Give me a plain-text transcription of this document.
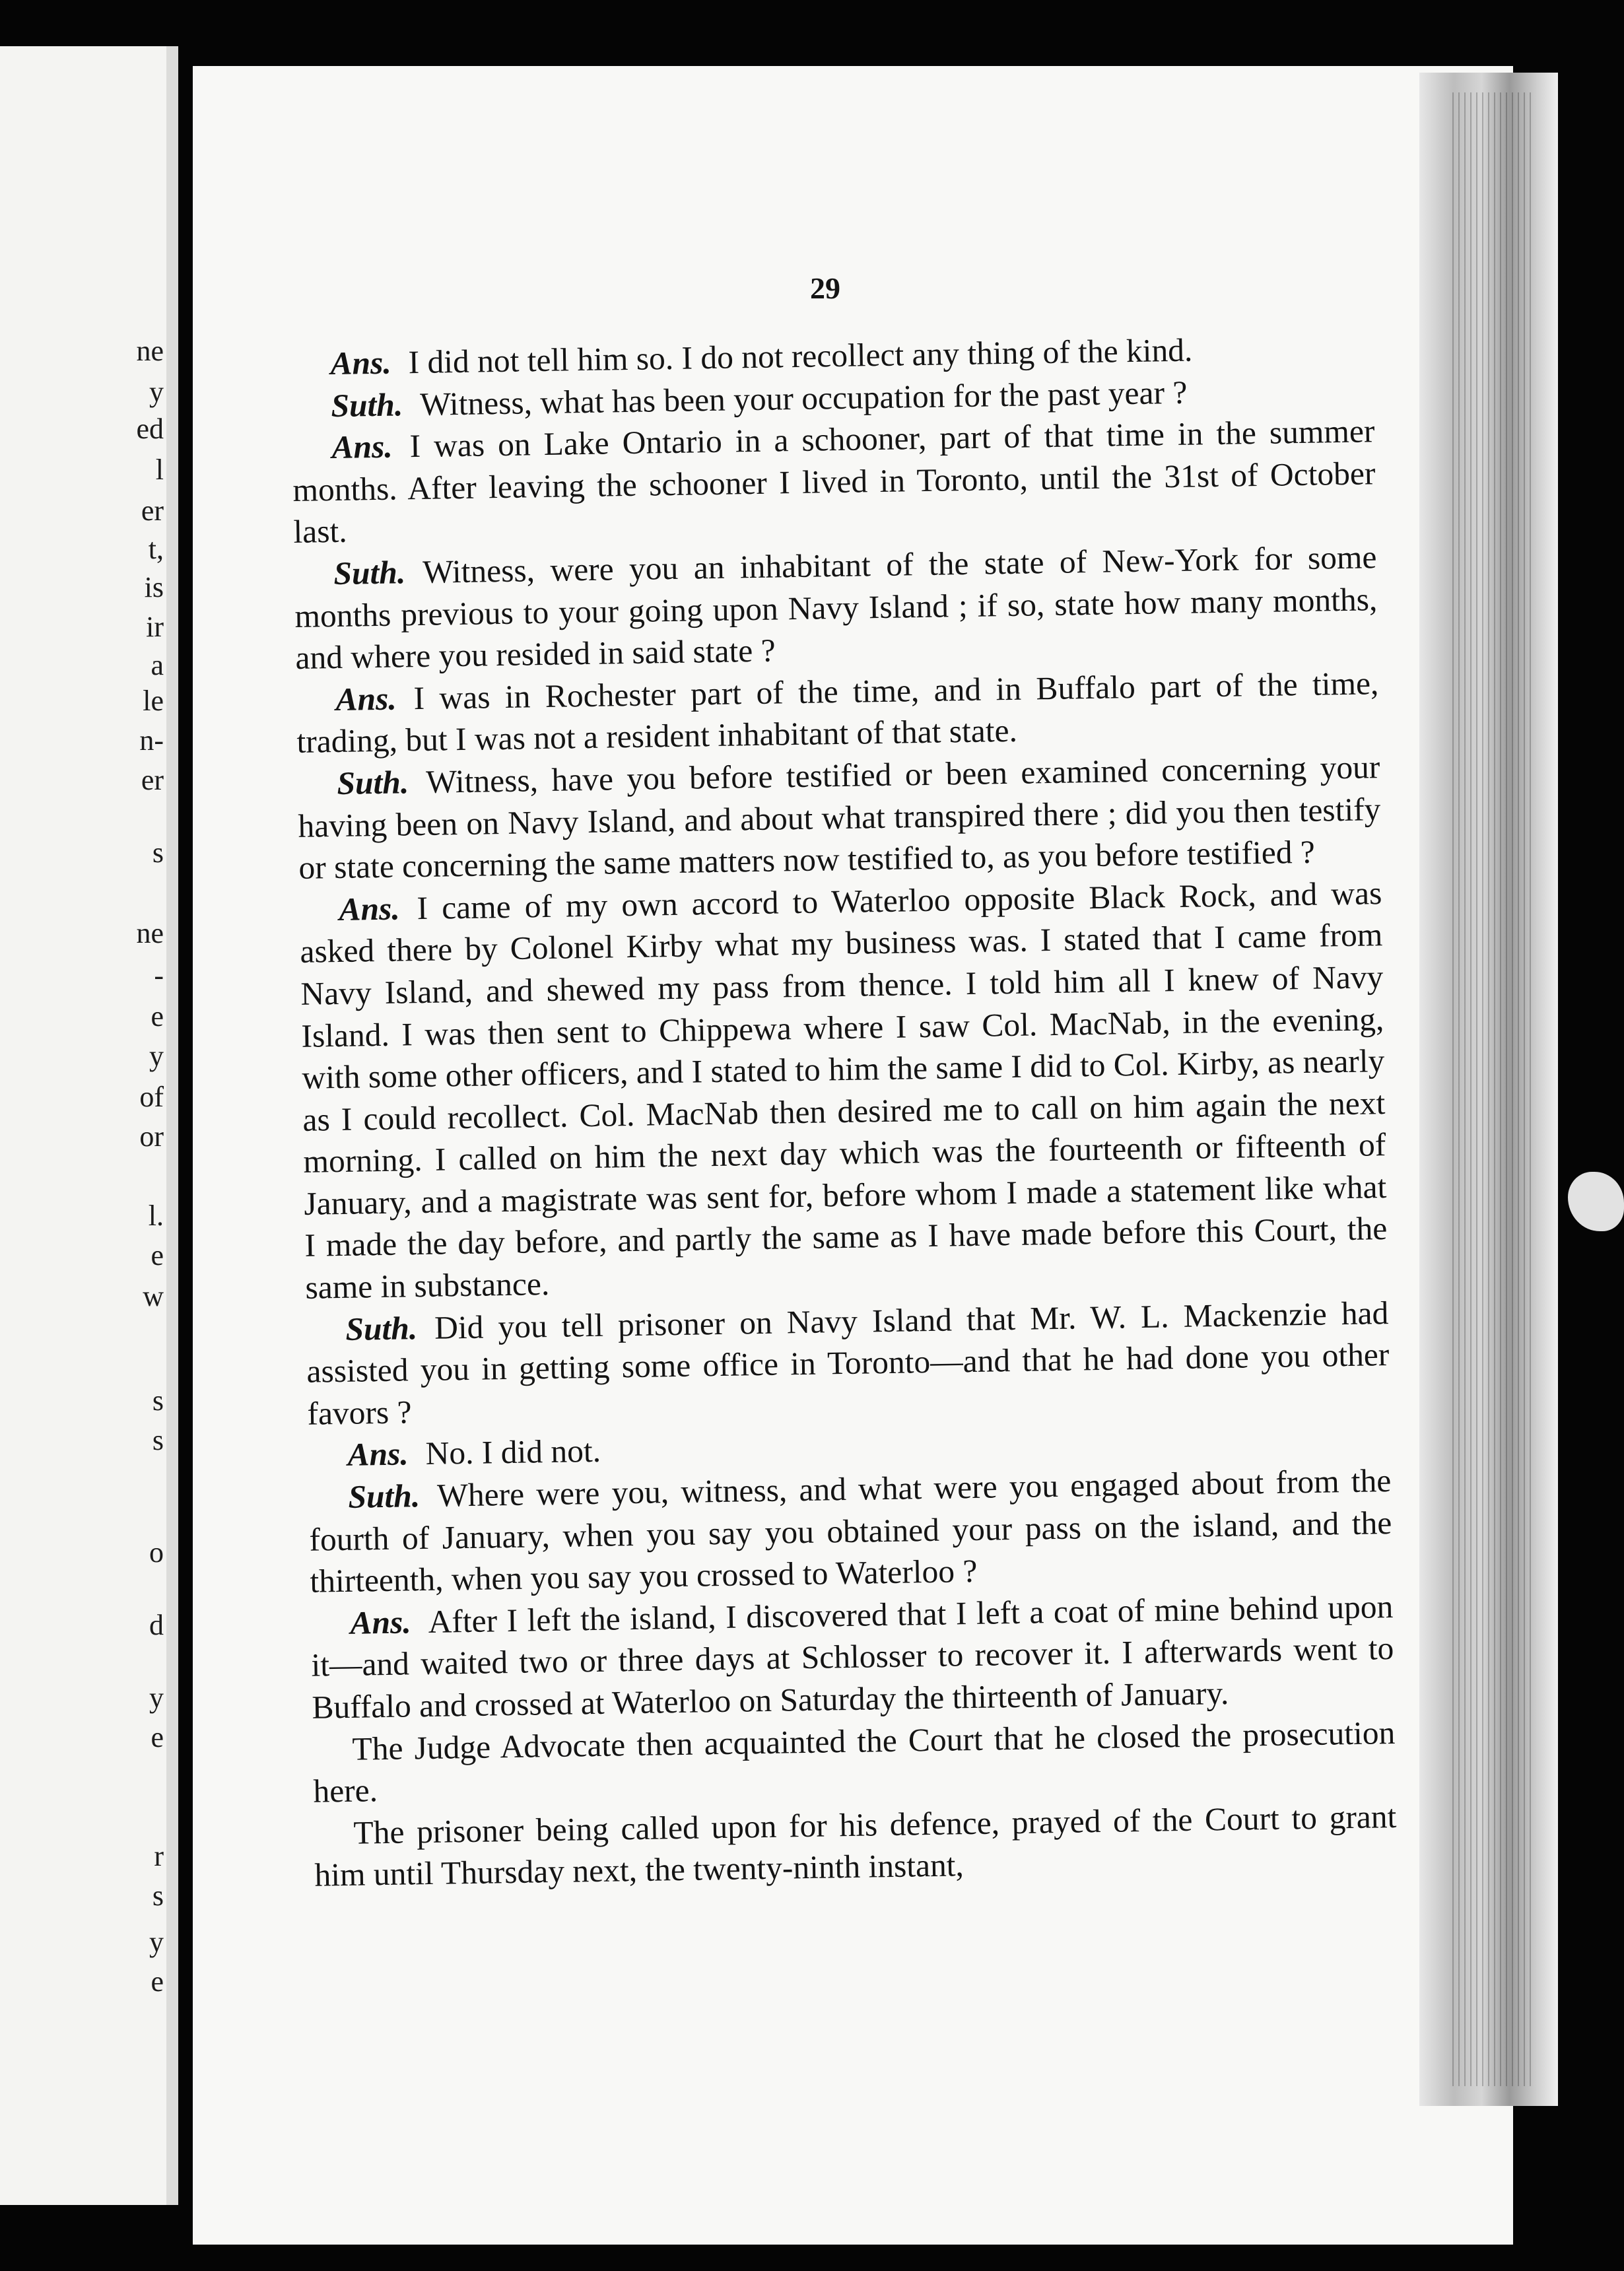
ne
y
ed
l
er
t,
is
ir
a
le
n-
er
s
ne
-
e
y
of
or
l.
e
w
s
s
o
d
y
e
r
s
y
e
29

Ans. I did not tell him so. I do not recollect any thing of the kind.

Suth. Witness, what has been your occupation for the past year ?

Ans. I was on Lake Ontario in a schooner, part of that time in the summer months. After leaving the schooner I lived in Toronto, until the 31st of October last.

Suth. Witness, were you an inhabitant of the state of New-York for some months previous to your going upon Navy Island ; if so, state how many months, and where you resided in said state ?

Ans. I was in Rochester part of the time, and in Buffalo part of the time, trading, but I was not a resident inhabitant of that state.

Suth. Witness, have you before testified or been examined concerning your having been on Navy Island, and about what transpired there ; did you then testify or state concerning the same matters now testified to, as you before testified ?

Ans. I came of my own accord to Waterloo opposite Black Rock, and was asked there by Colonel Kirby what my business was. I stated that I came from Navy Island, and shewed my pass from thence. I told him all I knew of Navy Island. I was then sent to Chippewa where I saw Col. MacNab, in the evening, with some other officers, and I stated to him the same I did to Col. Kirby, as nearly as I could recollect. Col. MacNab then desired me to call on him again the next morning. I called on him the next day which was the fourteenth or fifteenth of January, and a magistrate was sent for, before whom I made a statement like what I made the day before, and partly the same as I have made before this Court, the same in substance.

Suth. Did you tell prisoner on Navy Island that Mr. W. L. Mackenzie had assisted you in getting some office in Toronto—and that he had done you other favors ?

Ans. No. I did not.

Suth. Where were you, witness, and what were you engaged about from the fourth of January, when you say you obtained your pass on the island, and the thirteenth, when you say you crossed to Waterloo ?

Ans. After I left the island, I discovered that I left a coat of mine behind upon it—and waited two or three days at Schlosser to recover it. I afterwards went to Buffalo and crossed at Waterloo on Saturday the thirteenth of January.

The Judge Advocate then acquainted the Court that he closed the prosecution here.

The prisoner being called upon for his defence, prayed of the Court to grant him until Thursday next, the twenty-ninth instant,
